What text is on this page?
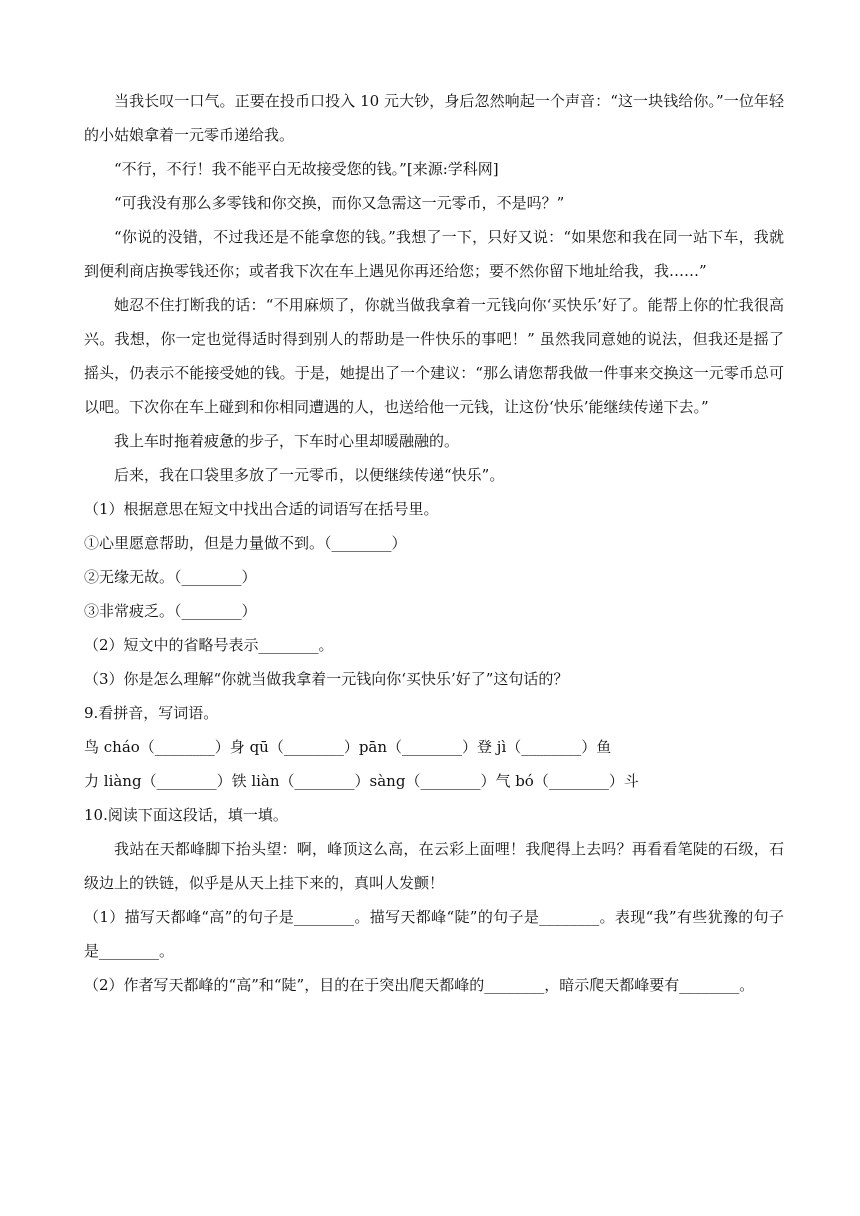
当我长叹一口气。正要在投币口投入 10 元大钞，身后忽然响起一个声音：“这一块钱给你。”一位年轻的小姑娘拿着一元零币递给我。

“不行，不行！我不能平白无故接受您的钱。”[来源:学科网]

“可我没有那么多零钱和你交换，而你又急需这一元零币，不是吗？”

“你说的没错，不过我还是不能拿您的钱。”我想了一下，只好又说：“如果您和我在同一站下车，我就到便利商店换零钱还你；或者我下次在车上遇见你再还给您；要不然你留下地址给我，我……”

她忍不住打断我的话：“不用麻烦了，你就当做我拿着一元钱向你‘买快乐’好了。能帮上你的忙我很高兴。我想，你一定也觉得适时得到别人的帮助是一件快乐的事吧！” 虽然我同意她的说法，但我还是摇了摇头，仍表示不能接受她的钱。于是，她提出了一个建议：“那么请您帮我做一件事来交换这一元零币总可以吧。下次你在车上碰到和你相同遭遇的人，也送给他一元钱，让这份‘快乐’能继续传递下去。”

我上车时拖着疲惫的步子，下车时心里却暖融融的。

后来，我在口袋里多放了一元零币，以便继续传递“快乐”。

（1）根据意思在短文中找出合适的词语写在括号里。

①心里愿意帮助，但是力量做不到。（________）

②无缘无故。（________）

③非常疲乏。（________）

（2）短文中的省略号表示________。

（3）你是怎么理解“你就当做我拿着一元钱向你‘买快乐’好了”这句话的？

9.看拼音，写词语。

鸟 cháo（________）身 qū（________）pān（________）登 jì（________）鱼

力 liàng（________）铁 liàn（________）sàng（________）气 bó（________）斗

10.阅读下面这段话，填一填。

我站在天都峰脚下抬头望：啊，峰顶这么高，在云彩上面哩！我爬得上去吗？再看看笔陡的石级，石级边上的铁链，似乎是从天上挂下来的，真叫人发颤！

（1）描写天都峰“高”的句子是________。描写天都峰“陡”的句子是________。表现“我”有些犹豫的句子是________。

（2）作者写天都峰的“高”和“陡”，目的在于突出爬天都峰的________，暗示爬天都峰要有________。
